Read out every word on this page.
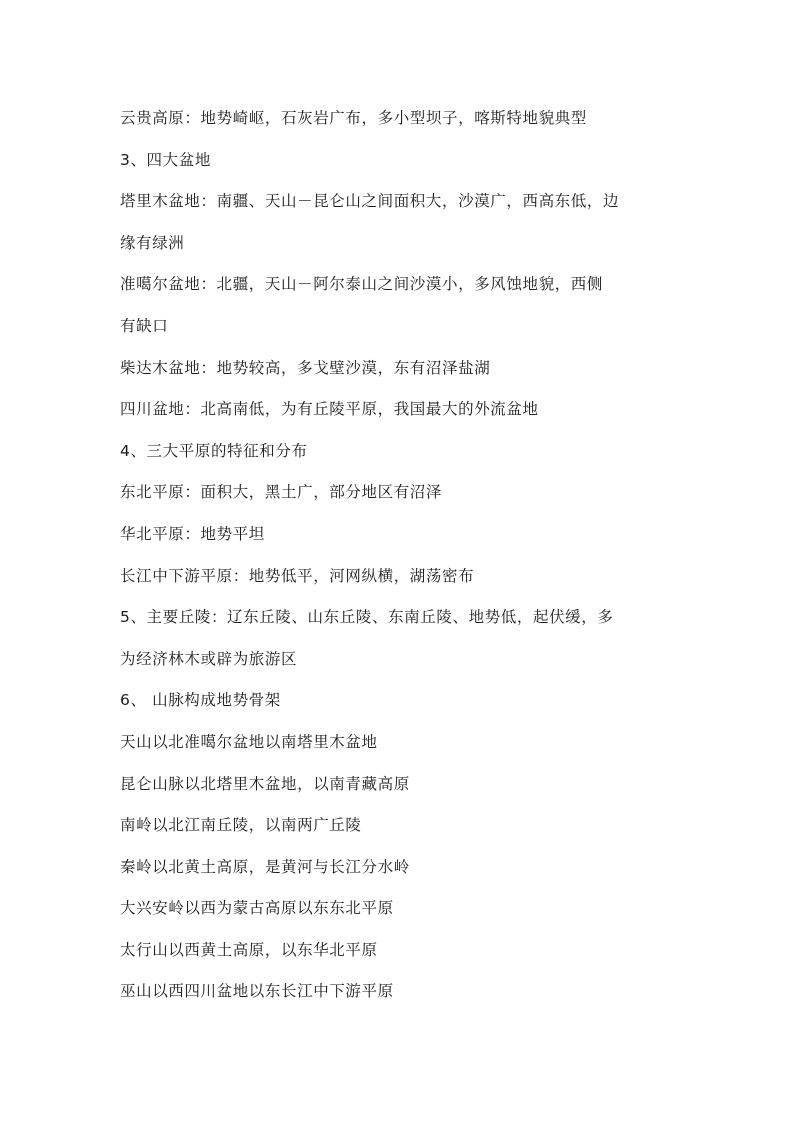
云贵高原：地势崎岖，石灰岩广布，多小型坝子，喀斯特地貌典型
3、四大盆地
塔里木盆地：南疆、天山－昆仑山之间面积大，沙漠广，西高东低，边
缘有绿洲
准噶尔盆地：北疆，天山－阿尔泰山之间沙漠小，多风蚀地貌，西侧
有缺口
柴达木盆地：地势较高，多戈壁沙漠，东有沼泽盐湖
四川盆地：北高南低，为有丘陵平原，我国最大的外流盆地
4、三大平原的特征和分布
东北平原：面积大，黑土广，部分地区有沼泽
华北平原：地势平坦
长江中下游平原：地势低平，河网纵横，湖荡密布
5、主要丘陵：辽东丘陵、山东丘陵、东南丘陵、地势低，起伏缓，多
为经济林木或辟为旅游区
6、 山脉构成地势骨架
天山以北准噶尔盆地以南塔里木盆地
昆仑山脉以北塔里木盆地，以南青藏高原
南岭以北江南丘陵，以南两广丘陵
秦岭以北黄土高原，是黄河与长江分水岭
大兴安岭以西为蒙古高原以东东北平原
太行山以西黄土高原，以东华北平原
巫山以西四川盆地以东长江中下游平原
